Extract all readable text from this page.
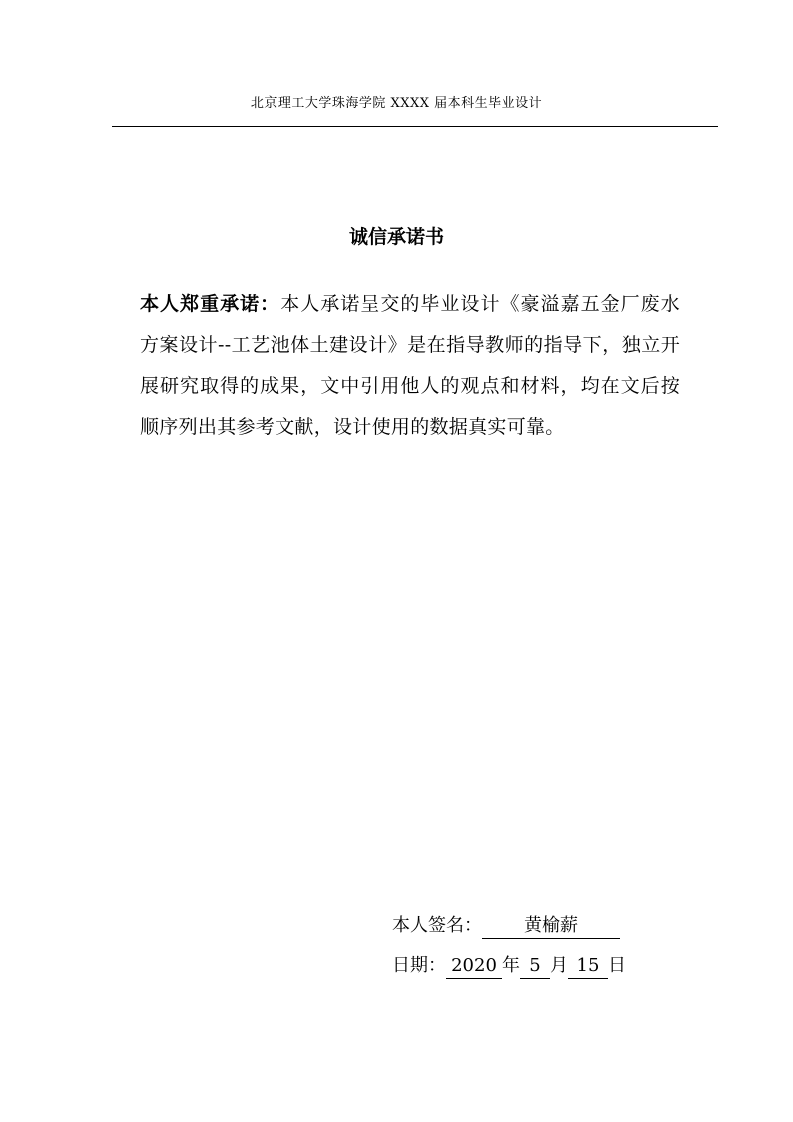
北京理工大学珠海学院 XXXX 届本科生毕业设计
诚信承诺书
本人郑重承诺：本人承诺呈交的毕业设计《豪溢嘉五金厂废水方案设计--工艺池体土建设计》是在指导教师的指导下，独立开展研究取得的成果，文中引用他人的观点和材料，均在文后按顺序列出其参考文献，设计使用的数据真实可靠。
本人签名： 黄榆薪
日期： 2020 年 5 月 15 日
